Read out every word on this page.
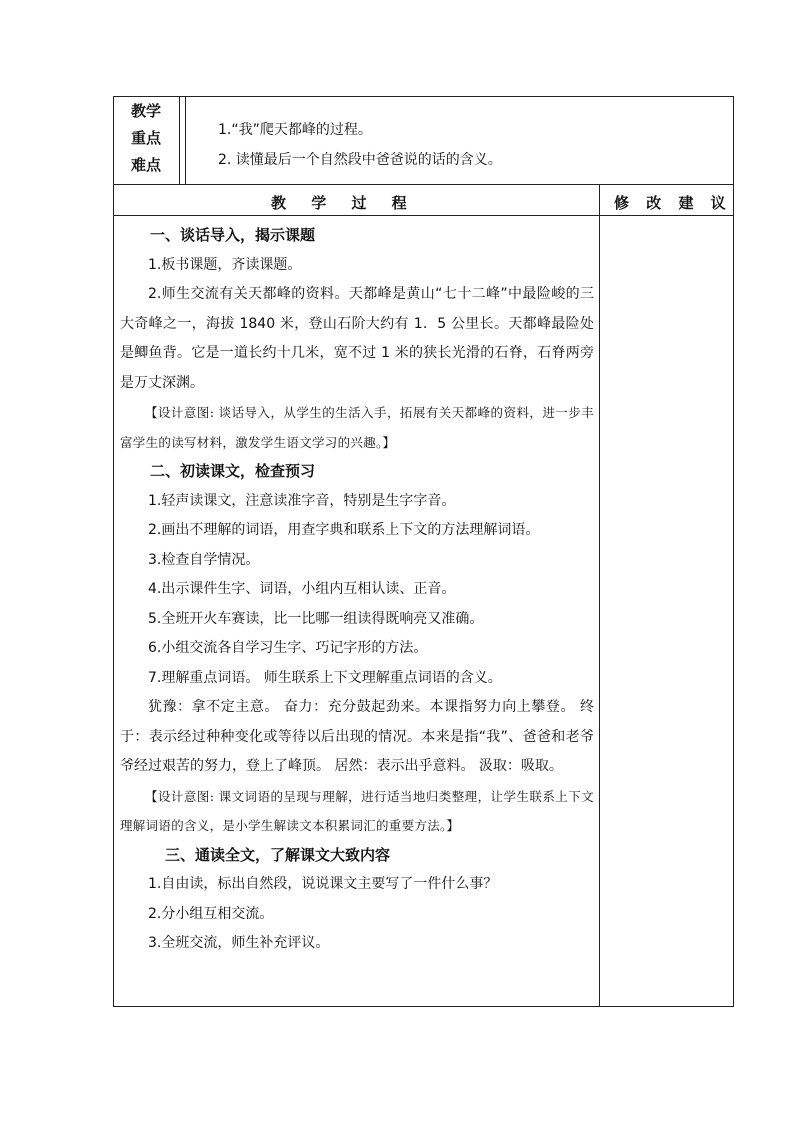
教学
重点
难点
1.“我”爬天都峰的过程。
2. 读懂最后一个自然段中爸爸说的话的含义。
教 学 过 程	修 改 建 议

一、谈话导入，揭示课题

1.板书课题，齐读课题。

2.师生交流有关天都峰的资料。天都峰是黄山“七十二峰”中最险峻的三大奇峰之一，海拔 1840 米，登山石阶大约有 1．5 公里长。天都峰最险处是鲫鱼背。它是一道长约十几米，宽不过 1 米的狭长光滑的石脊，石脊两旁是万丈深渊。

【设计意图: 谈话导入，从学生的生活入手，拓展有关天都峰的资料，进一步丰富学生的读写材料，激发学生语文学习的兴趣。】

二、初读课文，检查预习

1.轻声读课文，注意读准字音，特别是生字字音。

2.画出不理解的词语，用查字典和联系上下文的方法理解词语。

3.检查自学情况。

4.出示课件生字、词语，小组内互相认读、正音。

5.全班开火车赛读，比一比哪一组读得既响亮又准确。

6.小组交流各自学习生字、巧记字形的方法。

7.理解重点词语。 师生联系上下文理解重点词语的含义。

犹豫：拿不定主意。 奋力：充分鼓起劲来。本课指努力向上攀登。 终于：表示经过种种变化或等待以后出现的情况。本来是指“我”、爸爸和老爷爷经过艰苦的努力，登上了峰顶。 居然：表示出乎意料。 汲取：吸取。

【设计意图: 课文词语的呈现与理解，进行适当地归类整理，让学生联系上下文理解词语的含义，是小学生解读文本积累词汇的重要方法。】

三、通读全文，了解课文大致内容

1.自由读，标出自然段，说说课文主要写了一件什么事？

2.分小组互相交流。

3.全班交流，师生补充评议。
